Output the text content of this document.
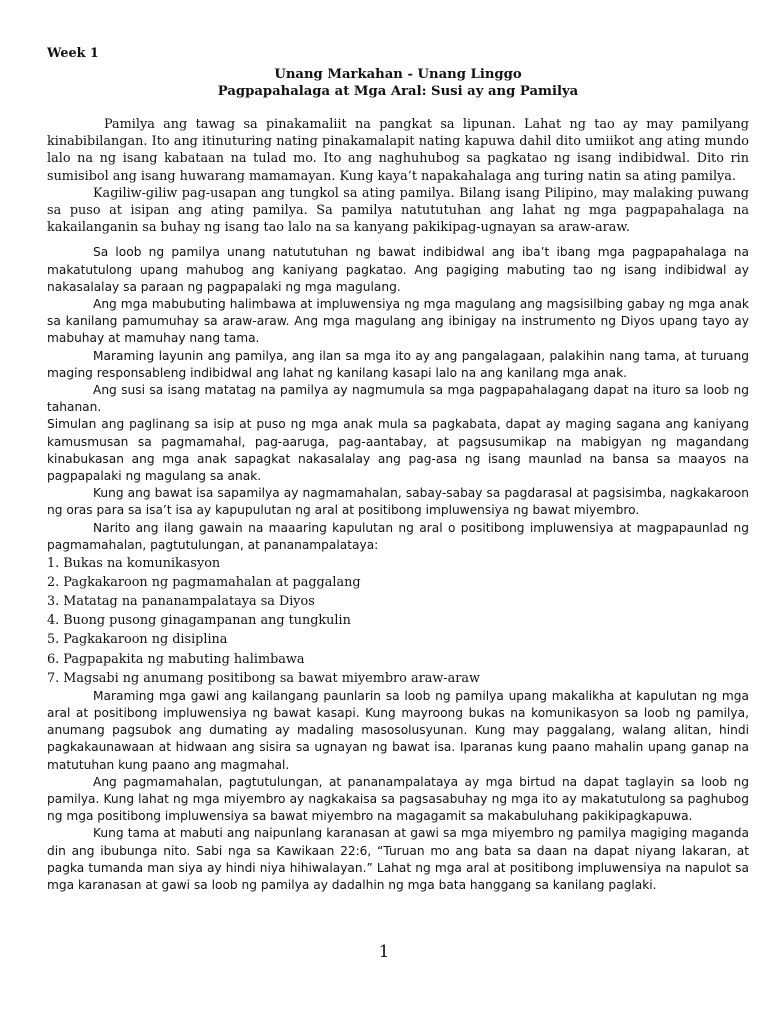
Week 1

Unang Markahan - Unang Linggo

Pagpapahalaga at Mga Aral: Susi ay ang Pamilya

Pamilya ang tawag sa pinakamaliit na pangkat sa lipunan. Lahat ng tao ay may pamilyang kinabibilangan. Ito ang itinuturing nating pinakamalapit nating kapuwa dahil dito umiikot ang ating mundo lalo na ng isang kabataan na tulad mo. Ito ang naghuhubog sa pagkatao ng isang indibidwal. Dito rin sumisibol ang isang huwarang mamamayan. Kung kaya’t napakahalaga ang turing natin sa ating pamilya.

Kagiliw-giliw pag-usapan ang tungkol sa ating pamilya. Bilang isang Pilipino, may malaking puwang sa puso at isipan ang ating pamilya. Sa pamilya natututuhan ang lahat ng mga pagpapahalaga na kakailanganin sa buhay ng isang tao lalo na sa kanyang pakikipag-ugnayan sa araw-araw.

Sa loob ng pamilya unang natututuhan ng bawat indibidwal ang iba’t ibang mga pagpapahalaga na makatutulong upang mahubog ang kaniyang pagkatao. Ang pagiging mabuting tao ng isang indibidwal ay nakasalalay sa paraan ng pagpapalaki ng mga magulang.

Ang mga mabubuting halimbawa at impluwensiya ng mga magulang ang magsisilbing gabay ng mga anak sa kanilang pamumuhay sa araw-araw. Ang mga magulang ang ibinigay na instrumento ng Diyos upang tayo ay mabuhay at mamuhay nang tama.

Maraming layunin ang pamilya, ang ilan sa mga ito ay ang pangalagaan, palakihin nang tama, at turuang maging responsableng indibidwal ang lahat ng kanilang kasapi lalo na ang kanilang mga anak.

Ang susi sa isang matatag na pamilya ay nagmumula sa mga pagpapahalagang dapat na ituro sa loob ng tahanan.

Simulan ang paglinang sa isip at puso ng mga anak mula sa pagkabata, dapat ay maging sagana ang kaniyang kamusmusan sa pagmamahal, pag-aaruga, pag-aantabay, at pagsusumikap na mabigyan ng magandang kinabukasan ang mga anak sapagkat nakasalalay ang pag-asa ng isang maunlad na bansa sa maayos na pagpapalaki ng magulang sa anak.

Kung ang bawat isa sapamilya ay nagmamahalan, sabay-sabay sa pagdarasal at pagsisimba, nagkakaroon ng oras para sa isa’t isa ay kapupulutan ng aral at positibong impluwensiya ng bawat miyembro.

Narito ang ilang gawain na maaaring kapulutan ng aral o positibong impluwensiya at magpapaunlad ng pagmamahalan, pagtutulungan, at pananampalataya:

1. Bukas na komunikasyon
2. Pagkakaroon ng pagmamahalan at paggalang
3. Matatag na pananampalataya sa Diyos
4. Buong pusong ginagampanan ang tungkulin
5. Pagkakaroon ng disiplina
6. Pagpapakita ng mabuting halimbawa
7. Magsabi ng anumang positibong sa bawat miyembro araw-araw

Maraming mga gawi ang kailangang paunlarin sa loob ng pamilya upang makalikha at kapulutan ng mga aral at positibong impluwensiya ng bawat kasapi. Kung mayroong bukas na komunikasyon sa loob ng pamilya, anumang pagsubok ang dumating ay madaling masosolusyunan. Kung may paggalang, walang alitan, hindi pagkakaunawaan at hidwaan ang sisira sa ugnayan ng bawat isa. Iparanas kung paano mahalin upang ganap na matutuhan kung paano ang magmahal.

Ang pagmamahalan, pagtutulungan, at pananampalataya ay mga birtud na dapat taglayin sa loob ng pamilya. Kung lahat ng mga miyembro ay nagkakaisa sa pagsasabuhay ng mga ito ay makatutulong sa paghubog ng mga positibong impluwensiya sa bawat miyembro na magagamit sa makabuluhang pakikipagkapuwa.

Kung tama at mabuti ang naipunlang karanasan at gawi sa mga miyembro ng pamilya magiging maganda din ang ibubunga nito. Sabi nga sa Kawikaan 22:6, “Turuan mo ang bata sa daan na dapat niyang lakaran, at pagka tumanda man siya ay hindi niya hihiwalayan.” Lahat ng mga aral at positibong impluwensiya na napulot sa mga karanasan at gawi sa loob ng pamilya ay dadalhin ng mga bata hanggang sa kanilang paglaki.

1
